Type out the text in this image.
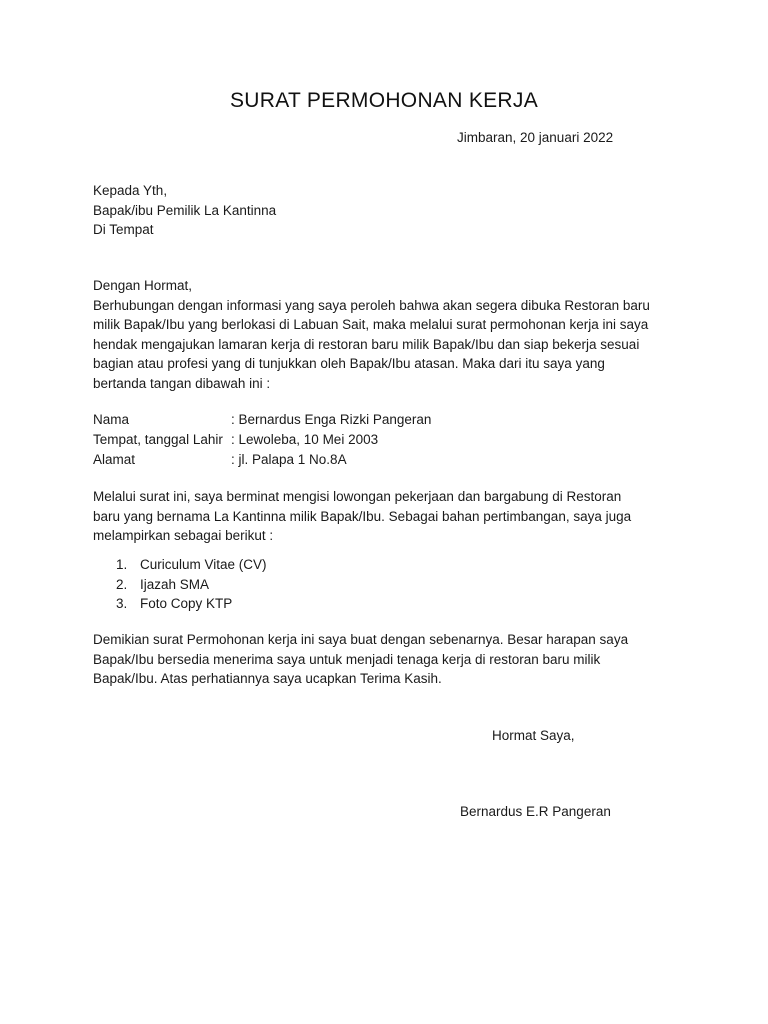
SURAT PERMOHONAN KERJA
Jimbaran, 20 januari 2022
Kepada Yth,
Bapak/ibu Pemilik La Kantinna
Di Tempat
Dengan Hormat,
Berhubungan dengan informasi yang saya peroleh bahwa akan segera dibuka Restoran baru
milik Bapak/Ibu yang berlokasi di Labuan Sait, maka melalui surat permohonan kerja ini saya
hendak mengajukan lamaran kerja di restoran baru milik Bapak/Ibu dan siap bekerja sesuai
bagian atau profesi yang di tunjukkan oleh Bapak/Ibu atasan. Maka dari itu saya yang
bertanda tangan dibawah ini :
Nama	: Bernardus Enga Rizki Pangeran
Tempat, tanggal Lahir : Lewoleba, 10 Mei 2003
Alamat	: jl. Palapa 1 No.8A
Melalui surat ini, saya berminat mengisi lowongan pekerjaan dan bargabung di Restoran
baru yang bernama La Kantinna milik Bapak/Ibu. Sebagai bahan pertimbangan, saya juga
melampirkan sebagai berikut :
1. Curiculum Vitae (CV)
2. Ijazah SMA
3. Foto Copy KTP
Demikian surat Permohonan kerja ini saya buat dengan sebenarnya. Besar harapan saya
Bapak/Ibu bersedia menerima saya untuk menjadi tenaga kerja di restoran baru milik
Bapak/Ibu. Atas perhatiannya saya ucapkan Terima Kasih.
Hormat Saya,
Bernardus E.R Pangeran
